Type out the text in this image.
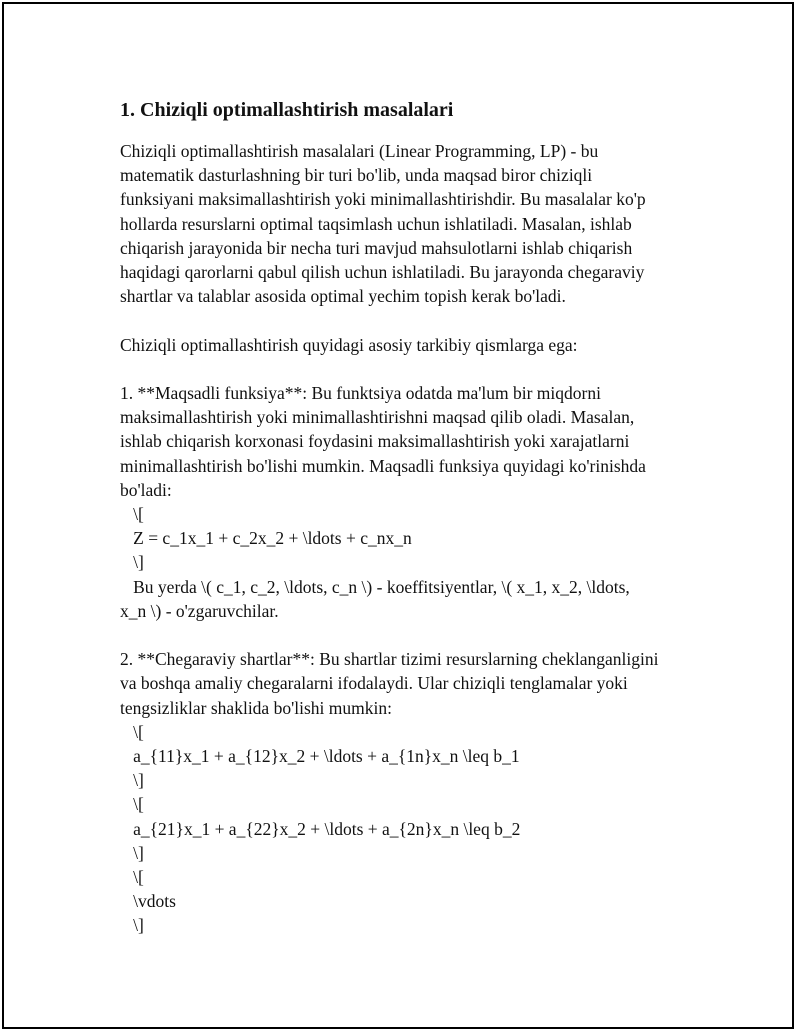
1. Chiziqli optimallashtirish masalalari

Chiziqli optimallashtirish masalalari (Linear Programming, LP) - bu

matematik dasturlashning bir turi bo'lib, unda maqsad biror chiziqli

funksiyani maksimallashtirish yoki minimallashtirishdir. Bu masalalar ko'p

hollarda resurslarni optimal taqsimlash uchun ishlatiladi. Masalan, ishlab

chiqarish jarayonida bir necha turi mavjud mahsulotlarni ishlab chiqarish

haqidagi qarorlarni qabul qilish uchun ishlatiladi. Bu jarayonda chegaraviy

shartlar va talablar asosida optimal yechim topish kerak bo'ladi.

Chiziqli optimallashtirish quyidagi asosiy tarkibiy qismlarga ega:

1. **Maqsadli funksiya**: Bu funktsiya odatda ma'lum bir miqdorni

maksimallashtirish yoki minimallashtirishni maqsad qilib oladi. Masalan,

ishlab chiqarish korxonasi foydasini maksimallashtirish yoki xarajatlarni

minimallashtirish bo'lishi mumkin. Maqsadli funksiya quyidagi ko'rinishda

bo'ladi:

\[

Z = c_1x_1 + c_2x_2 + \ldots + c_nx_n

\]

Bu yerda \( c_1, c_2, \ldots, c_n \) - koeffitsiyentlar, \( x_1, x_2, \ldots,

x_n \) - o'zgaruvchilar.

2. **Chegaraviy shartlar**: Bu shartlar tizimi resurslarning cheklanganligini

va boshqa amaliy chegaralarni ifodalaydi. Ular chiziqli tenglamalar yoki

tengsizliklar shaklida bo'lishi mumkin:

\[

a_{11}x_1 + a_{12}x_2 + \ldots + a_{1n}x_n \leq b_1

\]

\[

a_{21}x_1 + a_{22}x_2 + \ldots + a_{2n}x_n \leq b_2

\]

\[

\vdots

\]
